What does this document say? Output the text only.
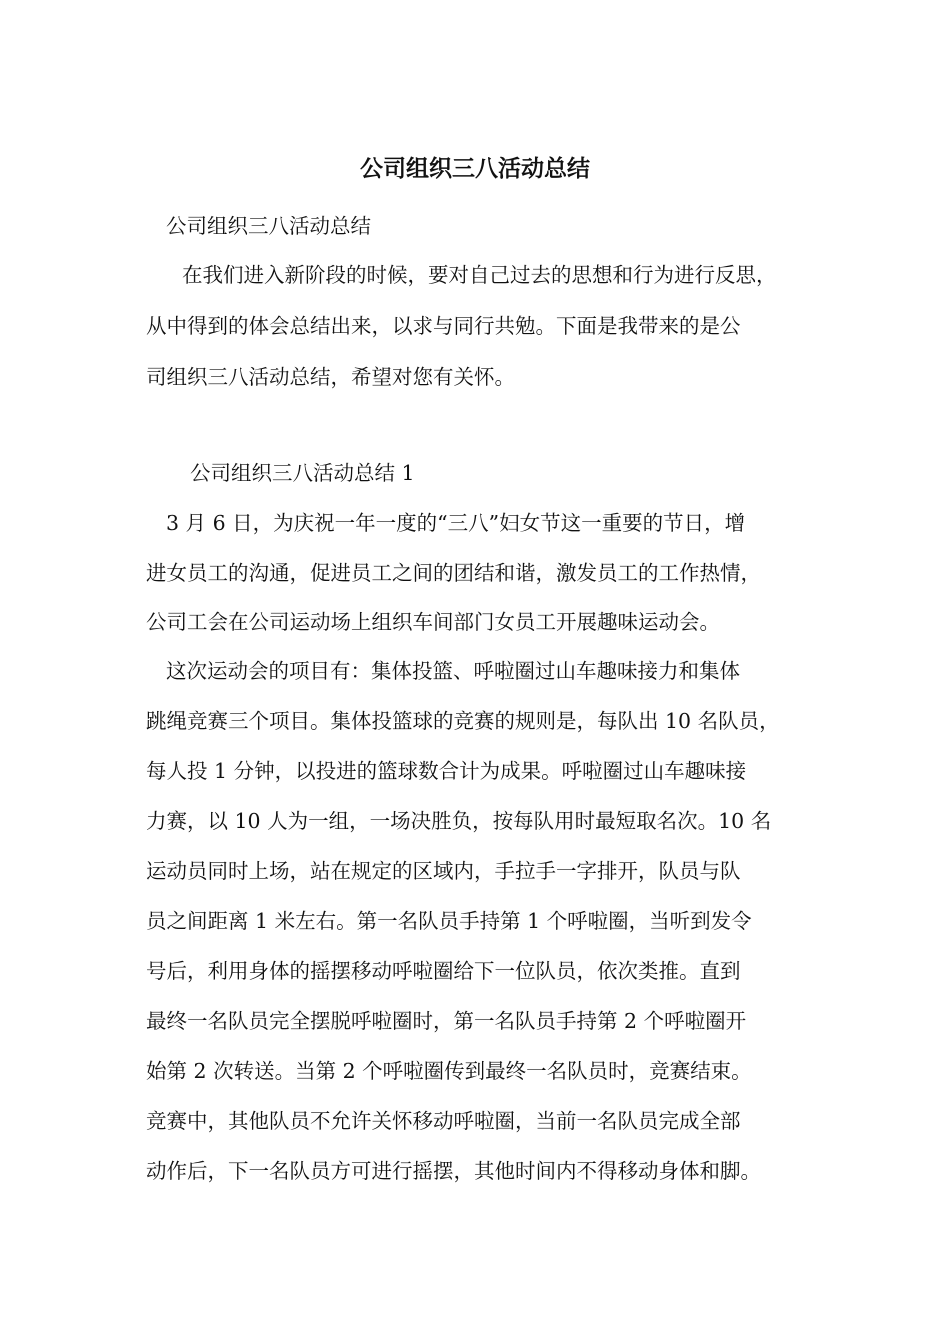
公司组织三八活动总结
公司组织三八活动总结
在我们进入新阶段的时候，要对自己过去的思想和行为进行反思，
从中得到的体会总结出来，以求与同行共勉。下面是我带来的是公
司组织三八活动总结，希望对您有关怀。
公司组织三八活动总结 1
3 月 6 日，为庆祝一年一度的“三八”妇女节这一重要的节日，增
进女员工的沟通，促进员工之间的团结和谐，激发员工的工作热情，
公司工会在公司运动场上组织车间部门女员工开展趣味运动会。
这次运动会的项目有：集体投篮、呼啦圈过山车趣味接力和集体
跳绳竞赛三个项目。集体投篮球的竞赛的规则是，每队出 10 名队员，
每人投 1 分钟，以投进的篮球数合计为成果。呼啦圈过山车趣味接
力赛，以 10 人为一组，一场决胜负，按每队用时最短取名次。10 名
运动员同时上场，站在规定的区域内，手拉手一字排开，队员与队
员之间距离 1 米左右。第一名队员手持第 1 个呼啦圈，当听到发令
号后，利用身体的摇摆移动呼啦圈给下一位队员，依次类推。直到
最终一名队员完全摆脱呼啦圈时，第一名队员手持第 2 个呼啦圈开
始第 2 次转送。当第 2 个呼啦圈传到最终一名队员时，竞赛结束。
竞赛中，其他队员不允许关怀移动呼啦圈，当前一名队员完成全部
动作后，下一名队员方可进行摇摆，其他时间内不得移动身体和脚。
